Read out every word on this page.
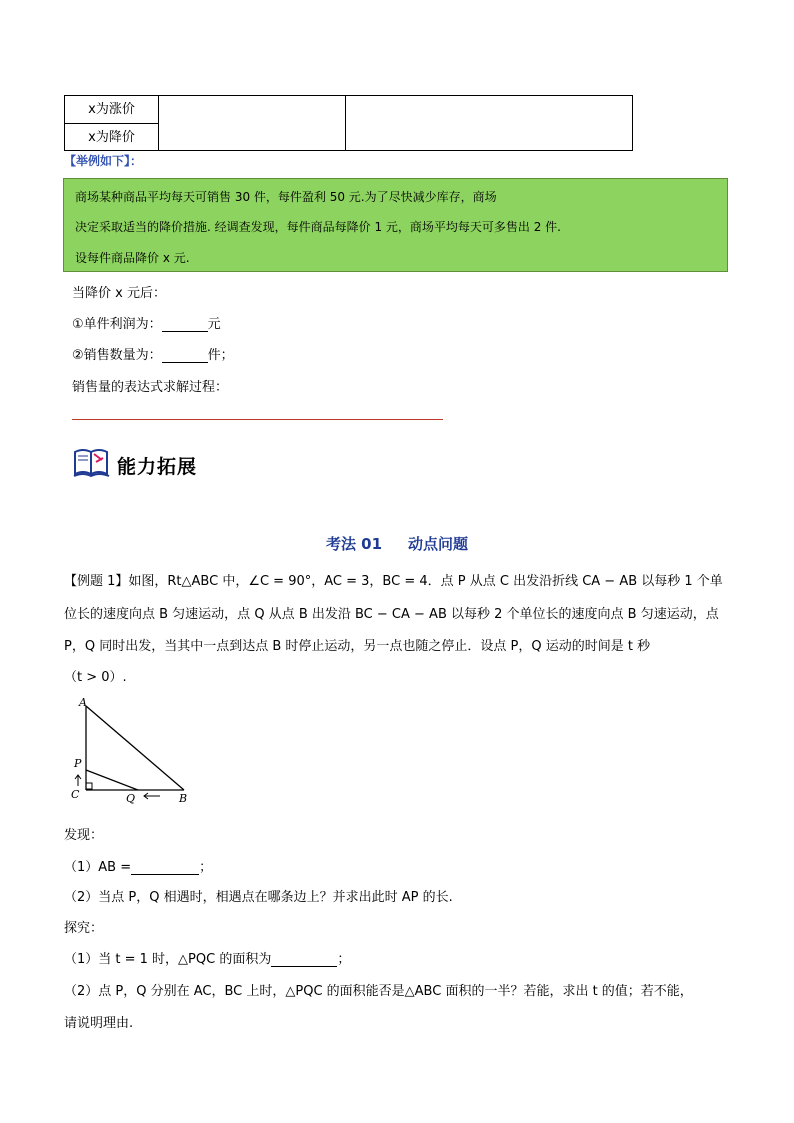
x为涨价
x为降价
【举例如下】：

商场某种商品平均每天可销售 30 件，每件盈利 50 元.为了尽快减少库存，商场

决定采取适当的降价措施. 经调查发现，每件商品每降价 1 元，商场平均每天可多售出 2 件.

设每件商品降价 x 元.

当降价 x 元后：
①单件利润为：	元
②销售数量为：	件；
销售量的表达式求解过程：
能力拓展
考法 01 动点问题
【例题 1】如图，Rt△ABC 中，∠C = 90°，AC = 3，BC = 4．点 P 从点 C 出发沿折线 CA − AB 以每秒 1 个单
位长的速度向点 B 匀速运动，点 Q 从点 B 出发沿 BC − CA − AB 以每秒 2 个单位长的速度向点 B 匀速运动，点
P，Q 同时出发，当其中一点到达点 B 时停止运动，另一点也随之停止．设点 P，Q 运动的时间是 t 秒
（t > 0）.
A
P
C	Q	B
发现：
（1）AB =	；
（2）当点 P，Q 相遇时，相遇点在哪条边上？并求出此时 AP 的长.
探究：
（1）当 t = 1 时，△PQC 的面积为	；
（2）点 P，Q 分别在 AC，BC 上时，△PQC 的面积能否是△ABC 面积的一半？若能，求出 t 的值；若不能，
请说明理由.
